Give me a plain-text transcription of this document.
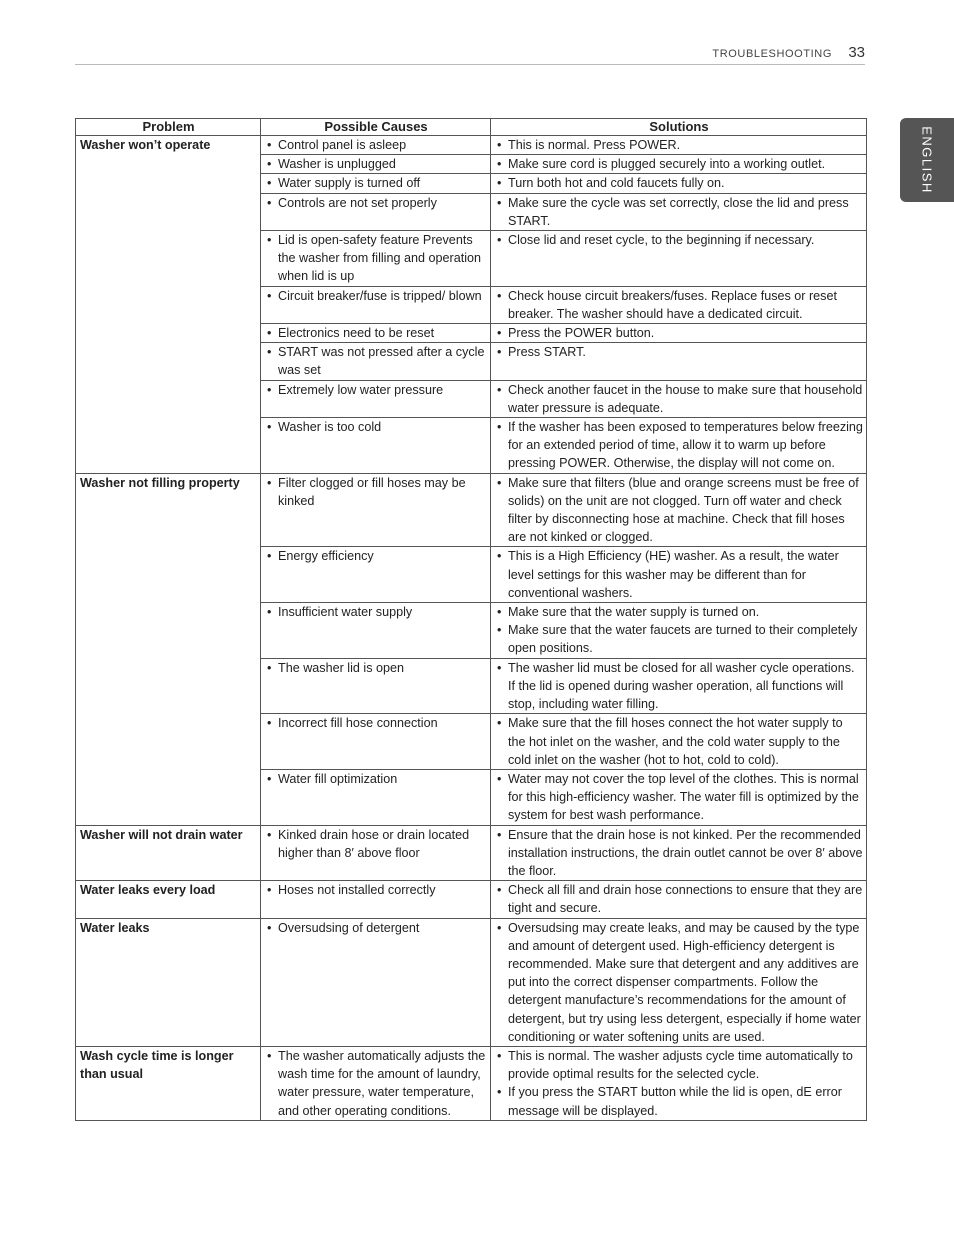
TROUBLESHOOTING 33
ENGLISH
Problem	Possible Causes	Solutions
Washer won’t operate	• Control panel is asleep	• This is normal. Press POWER.

	• Washer is unplugged	• Make sure cord is plugged securely into a working outlet.

	• Water supply is turned off	• Turn both hot and cold faucets fully on.

	• Controls are not set properly	• Make sure the cycle was set correctly, close the lid and press START.

	• Lid is open-safety feature Prevents the washer from filling and operation when lid is up	• Close lid and reset cycle, to the beginning if necessary.

	• Circuit breaker/fuse is tripped/ blown	• Check house circuit breakers/fuses. Replace fuses or reset breaker. The washer should have a dedicated circuit.

	• Electronics need to be reset	• Press the POWER button.

	• START was not pressed after a cycle was set	• Press START.

	• Extremely low water pressure	• Check another faucet in the house to make sure that household water pressure is adequate.

	• Washer is too cold	• If the washer has been exposed to temperatures below freezing for an extended period of time, allow it to warm up before pressing POWER. Otherwise, the display will not come on.

Washer not filling property	• Filter clogged or fill hoses may be kinked	• Make sure that filters (blue and orange screens must be free of solids) on the unit are not clogged. Turn off water and check filter by disconnecting hose at machine. Check that fill hoses are not kinked or clogged.

	• Energy efficiency	• This is a High Efficiency (HE) washer. As a result, the water level settings for this washer may be different than for conventional washers.

	• Insufficient water supply	• Make sure that the water supply is turned on.
• Make sure that the water faucets are turned to their completely open positions.

	• The washer lid is open	• The washer lid must be closed for all washer cycle operations. If the lid is opened during washer operation, all functions will stop, including water filling.

	• Incorrect fill hose connection	• Make sure that the fill hoses connect the hot water supply to the hot inlet on the washer, and the cold water supply to the cold inlet on the washer (hot to hot, cold to cold).

	• Water fill optimization	• Water may not cover the top level of the clothes. This is normal for this high-efficiency washer. The water fill is optimized by the system for best wash performance.

Washer will not drain water	• Kinked drain hose or drain located higher than 8′ above floor	• Ensure that the drain hose is not kinked. Per the recommended installation instructions, the drain outlet cannot be over 8′ above the floor.

Water leaks every load	• Hoses not installed correctly	• Check all fill and drain hose connections to ensure that they are tight and secure.

Water leaks	• Oversudsing of detergent	• Oversudsing may create leaks, and may be caused by the type and amount of detergent used. High-efficiency detergent is recommended. Make sure that detergent and any additives are put into the correct dispenser compartments. Follow the detergent manufacture’s recommendations for the amount of detergent, but try using less detergent, especially if home water conditioning or water softening units are used.

Wash cycle time is longer than usual	• The washer automatically adjusts the wash time for the amount of laundry, water pressure, water temperature, and other operating conditions.	• This is normal. The washer adjusts cycle time automatically to provide optimal results for the selected cycle.
• If you press the START button while the lid is open, dE error message will be displayed.
